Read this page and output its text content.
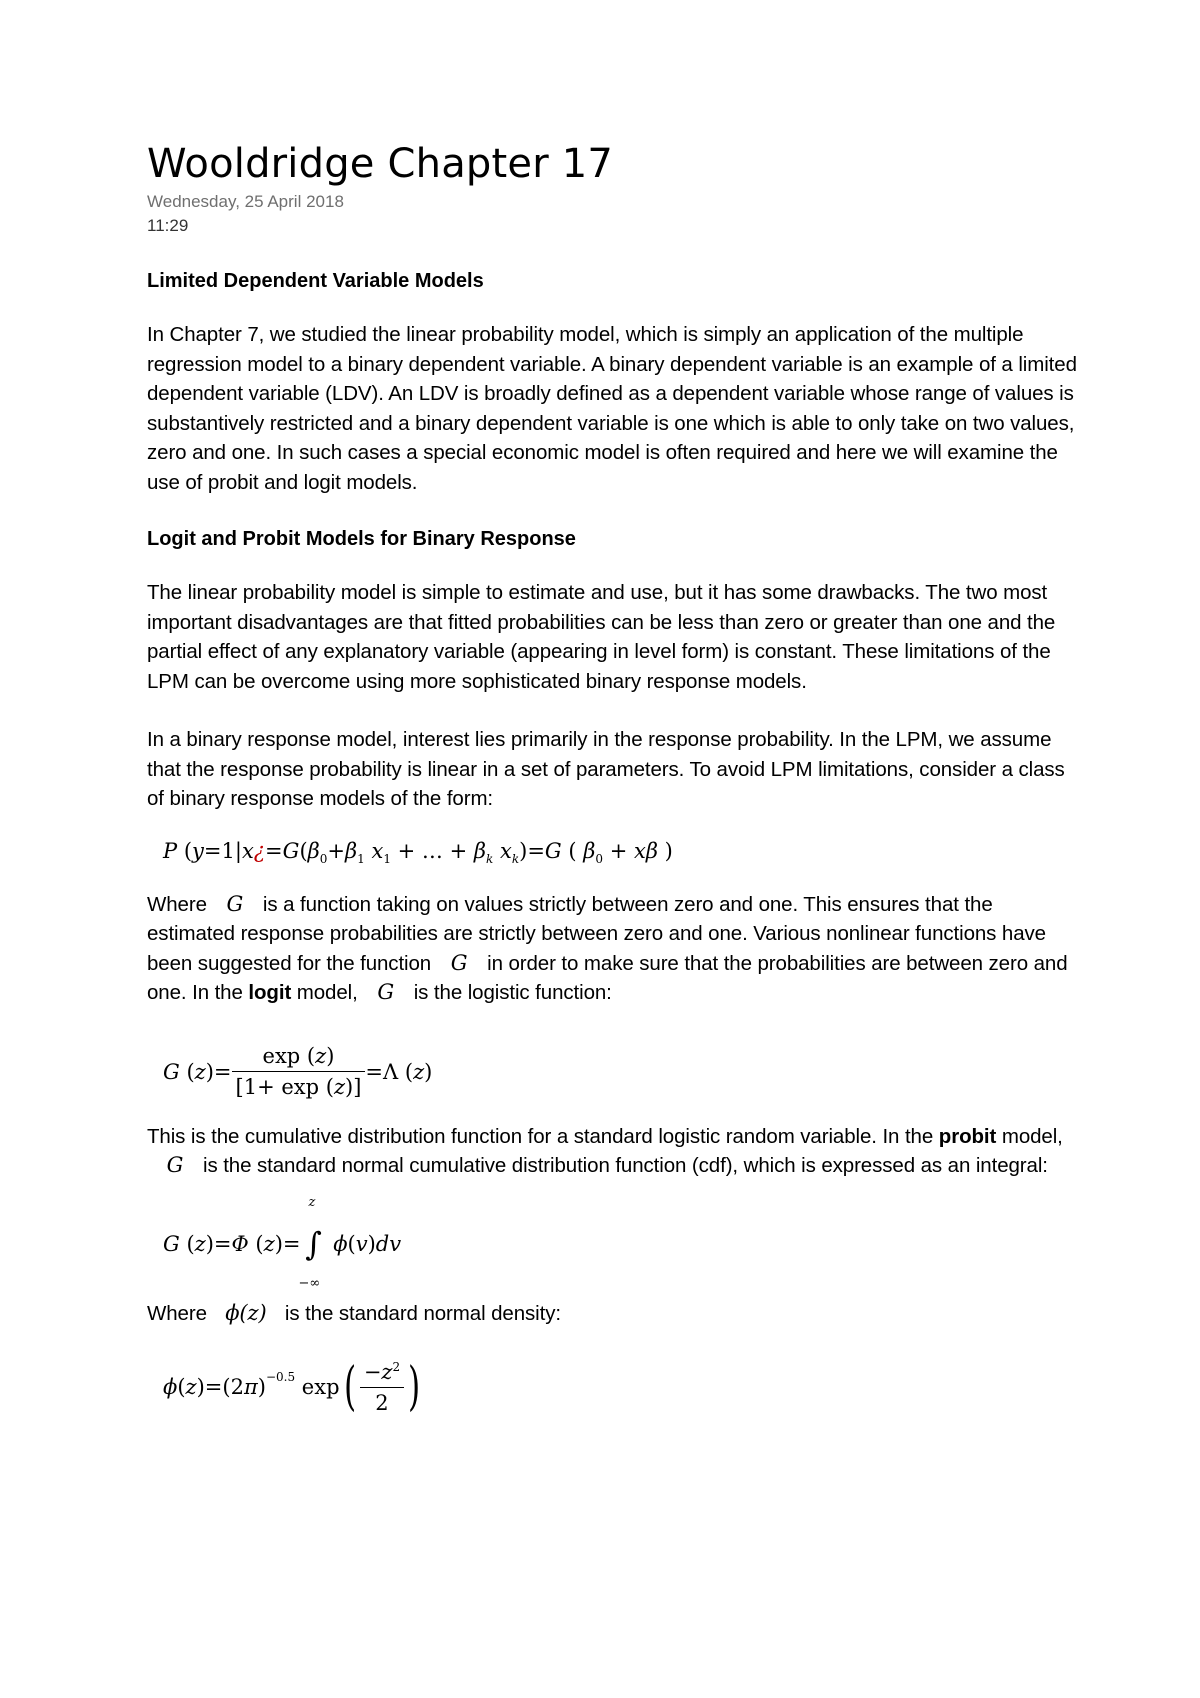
Wooldridge Chapter 17
Wednesday, 25 April 2018
11:29

Limited Dependent Variable Models

In Chapter 7, we studied the linear probability model, which is simply an application of the multiple regression model to a binary dependent variable. A binary dependent variable is an example of a limited dependent variable (LDV). An LDV is broadly defined as a dependent variable whose range of values is substantively restricted and a binary dependent variable is one which is able to only take on two values, zero and one. In such cases a special economic model is often required and here we will examine the use of probit and logit models.

Logit and Probit Models for Binary Response

The linear probability model is simple to estimate and use, but it has some drawbacks. The two most important disadvantages are that fitted probabilities can be less than zero or greater than one and the partial effect of any explanatory variable (appearing in level form) is constant. These limitations of the LPM can be overcome using more sophisticated binary response models.

In a binary response model, interest lies primarily in the response probability. In the LPM, we assume that the response probability is linear in a set of parameters. To avoid LPM limitations, consider a class of binary response models of the form:

P ($y=1|x¿=G(\beta_0+\beta_1$ $x_1$ + … + $\beta_k$ $x_k)=G$ ( $\beta_0 + x\beta$ )

Where G is a function taking on values strictly between zero and one. This ensures that the estimated response probabilities are strictly between zero and one. Various nonlinear functions have been suggested for the function G in order to make sure that the probabilities are between zero and one. In the logit model, G is the logistic function:

G ( z )= $\frac{\exp (z)}{[1+ \exp (z)]} =\Lambda$ ( z )

This is the cumulative distribution function for a standard logistic random variable. In the probit model,G is the standard normal cumulative distribution function (cdf), which is expressed as an integral:

G ( z )= Φ ( z )=
z
∫
−∞

ϕ ( v ) dv

Where ϕ(z) is the standard normal density:

ϕ ( z )=(2 π )$^{-0.5}$
exp ( $\frac{-z^2}{2}$ )
